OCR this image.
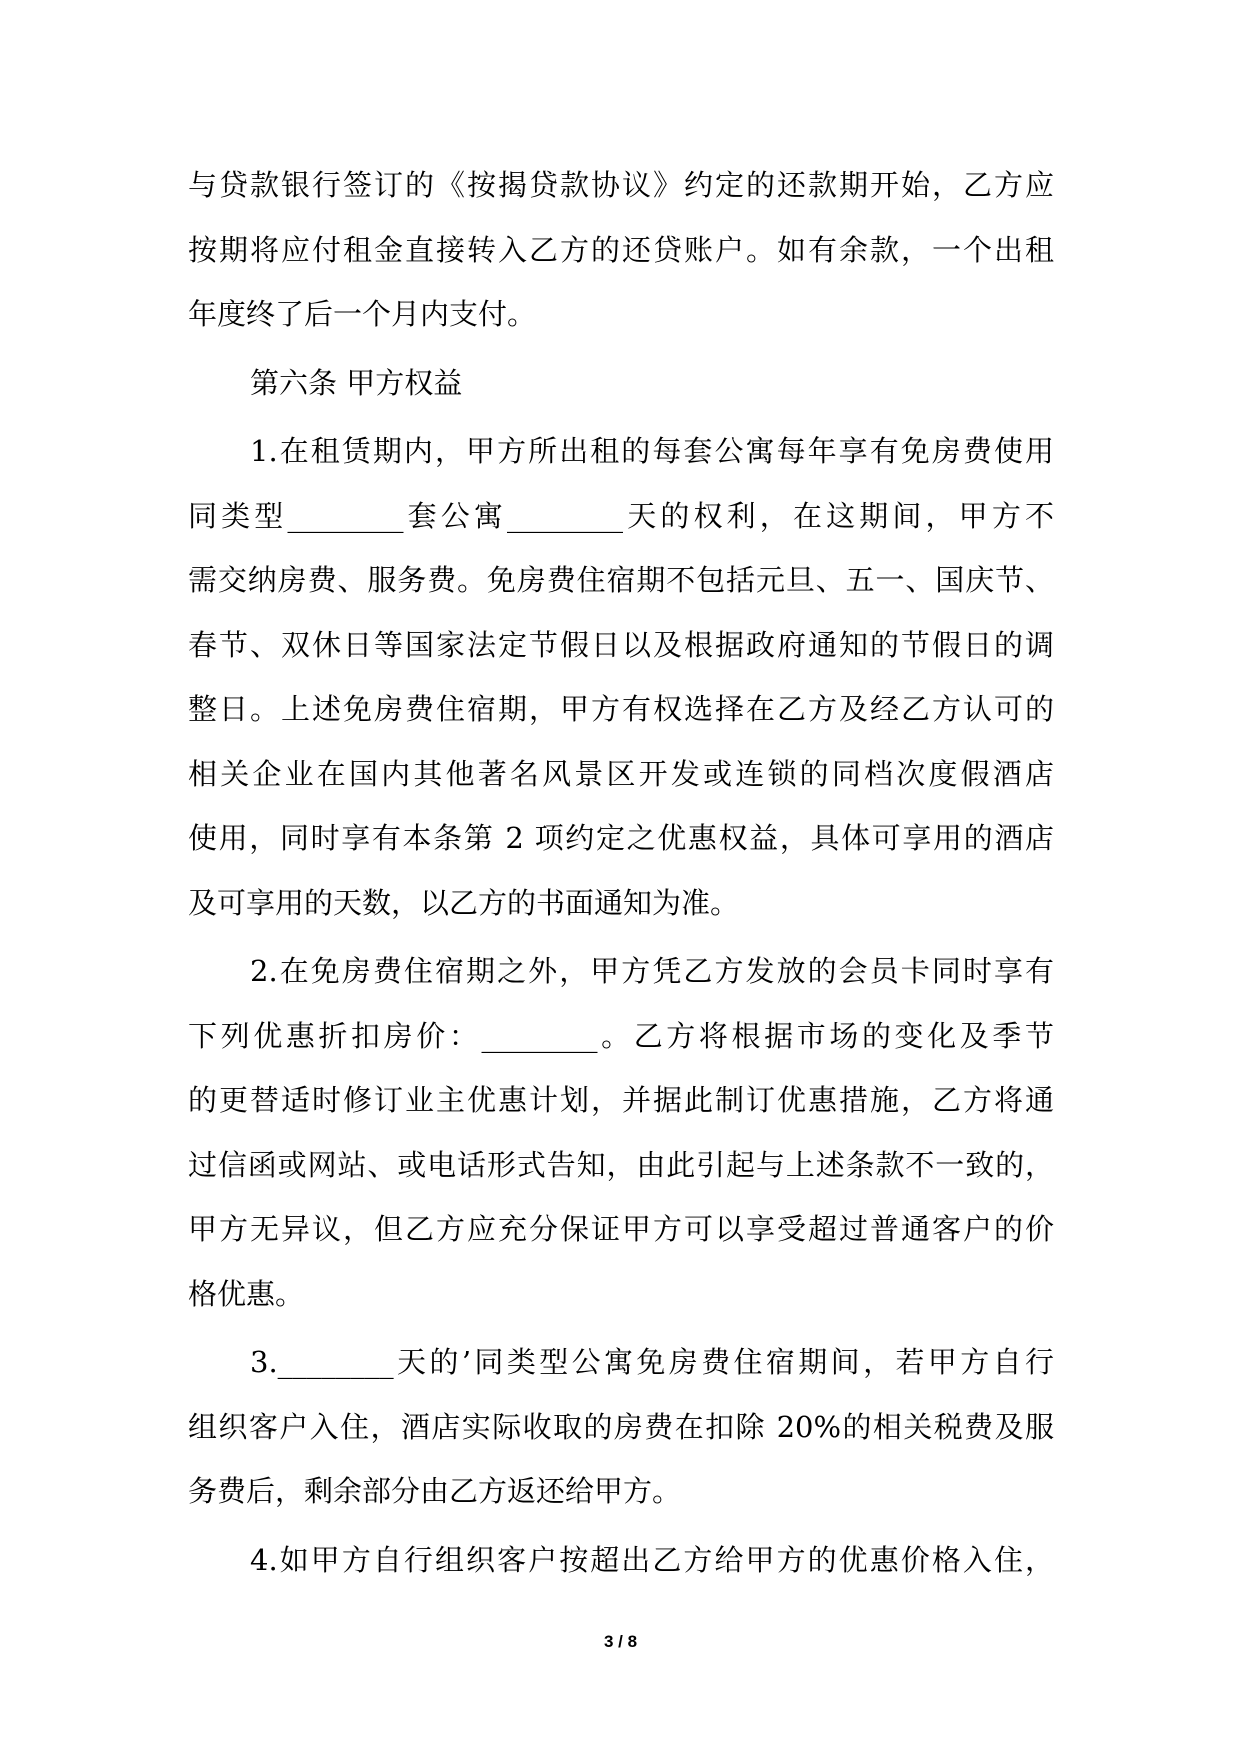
与贷款银行签订的《按揭贷款协议》约定的还款期开始，乙方应
按期将应付租金直接转入乙方的还贷账户。如有余款，一个出租
年度终了后一个月内支付。
第六条 甲方权益
1.在租赁期内，甲方所出租的每套公寓每年享有免房费使用
同类型________套公寓________天的权利，在这期间，甲方不
需交纳房费、服务费。免房费住宿期不包括元旦、五一、国庆节、
春节、双休日等国家法定节假日以及根据政府通知的节假日的调
整日。上述免房费住宿期，甲方有权选择在乙方及经乙方认可的
相关企业在国内其他著名风景区开发或连锁的同档次度假酒店
使用，同时享有本条第 2 项约定之优惠权益，具体可享用的酒店
及可享用的天数，以乙方的书面通知为准。
2.在免房费住宿期之外，甲方凭乙方发放的会员卡同时享有
下列优惠折扣房价：________。乙方将根据市场的变化及季节
的更替适时修订业主优惠计划，并据此制订优惠措施，乙方将通
过信函或网站、或电话形式告知，由此引起与上述条款不一致的，
甲方无异议，但乙方应充分保证甲方可以享受超过普通客户的价
格优惠。
3.________天的’同类型公寓免房费住宿期间，若甲方自行
组织客户入住，酒店实际收取的房费在扣除 20%的相关税费及服
务费后，剩余部分由乙方返还给甲方。
4.如甲方自行组织客户按超出乙方给甲方的优惠价格入住，
3 / 8
